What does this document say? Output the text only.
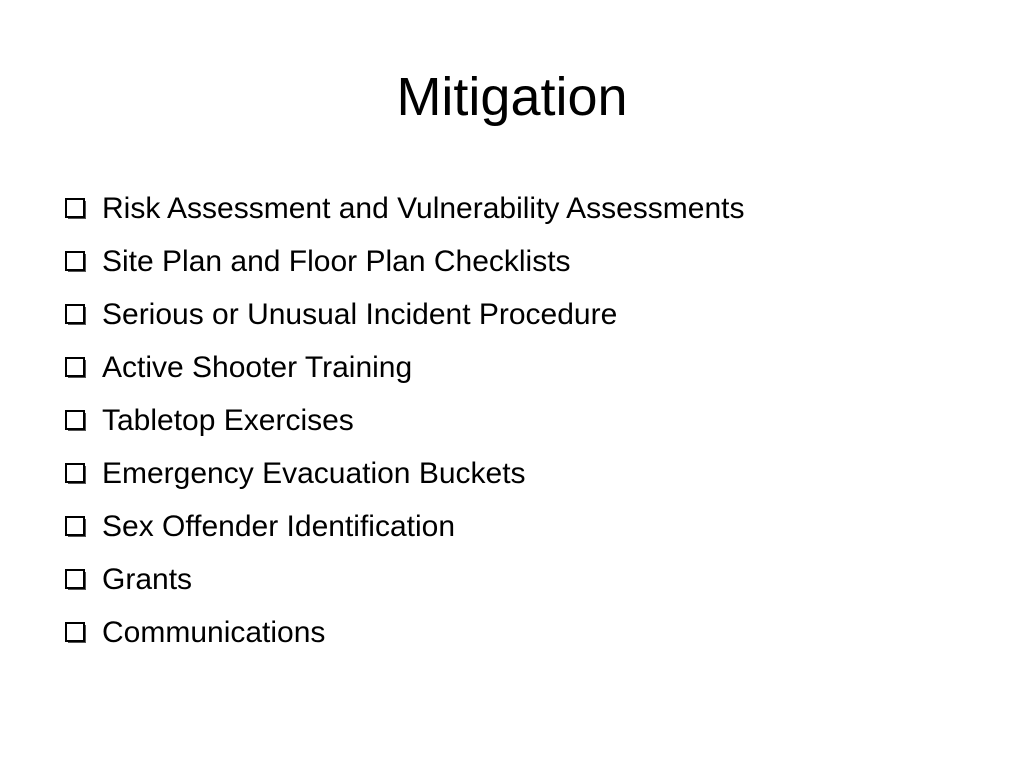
Mitigation
Risk Assessment and Vulnerability Assessments
Site Plan and Floor Plan Checklists
Serious or Unusual Incident Procedure
Active Shooter Training
Tabletop Exercises
Emergency Evacuation Buckets
Sex Offender Identification
Grants
Communications
